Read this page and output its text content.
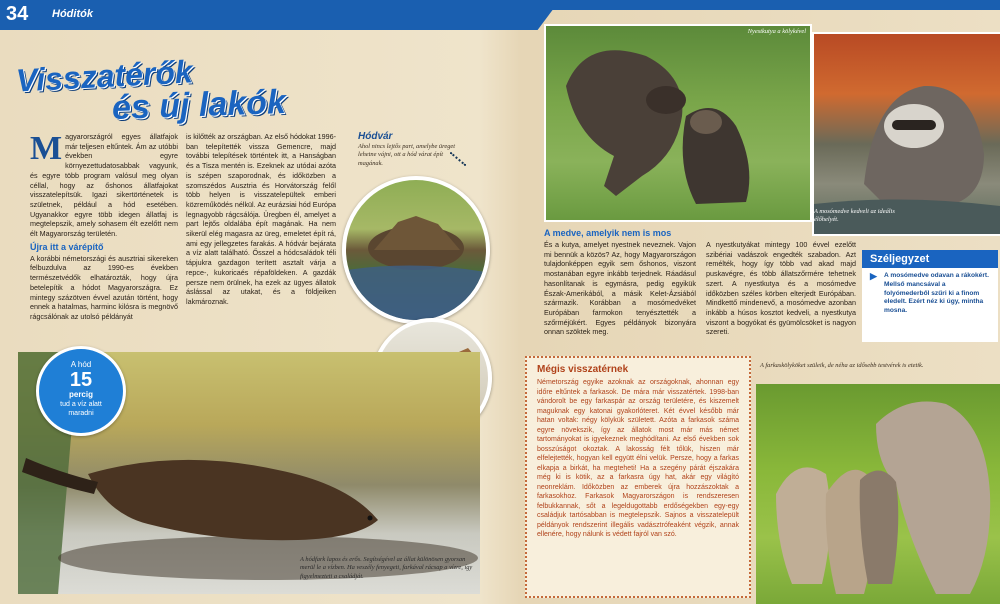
34 Hóditók
Visszatérők
és új lakók

Magyarországról egyes állatfajok már teljesen eltűntek. Ám az utóbbi években egyre környezettudatosabbak vagyunk, és egyre több program valósul meg olyan céllal, hogy az őshonos állatfajokat visszatelepítsük. Igazi sikertörténetek is születnek, például a hód esetében. Ugyanakkor egyre több idegen állatfaj is megtelepszik, amely sohasem élt ezelőtt nem élt Magyarország területén.

Újra itt a várépítő

A korábbi németországi és ausztriai sikereken felbuzdulva az 1990-es években természetvédők elhatározták, hogy újra betelepítik a hódot Magyarországra. Ez mintegy százötven évvel azután történt, hogy ennek a hatalmas, harminc kilósra is megnövő rágcsálónak az utolsó példányát

is kilőtték az országban. Az első hódokat 1996-ban telepítették vissza Gemencre, majd további telepítések történtek itt, a Hanságban és a Tisza mentén is. Ezeknek az utódai azóta is szépen szaporodnak, és időközben a szomszédos Ausztria és Horvátország felől több helyen is visszatelepültek emberi közreműködés nélkül. Az eurázsiai hód Európa legnagyobb rágcsálója. Üregben él, amelyet a part lejtős oldalába épít magának. Ha nem sikerül elég magasra az üreg, emeletet épít rá, ami egy jellegzetes farakás. A hódvár bejárata a víz alatt található. Ősszel a hódcsaládok téli tápjukra gazdagon terített asztalt várja a repce-, kukoricaés répaföldeken. A gazdák persze nem örülnek, ha ezek az ügyes állatok áslással az utakat, és a földjeiken lakmároznak.

Hódvár
Ahol nincs lejtős part, amelybe üreget lehetne vájni, ott a hód várat épít magának.
A hód
15
percig
tud a víz alatt maradni
A hódfark lapos és erős. Segítségével az állat különösen gyorsan merül le a vízben. Ha veszély fenyegeti, farkával rácsap a vízre, így figyelmezteti a családját.
Nyestkutya a kölykével
A mosómedve kedveli az ideális élőhelyét.
A medve, amelyik nem is mos

És a kutya, amelyet nyestnek neveznek. Vajon mi bennük a közös? Az, hogy Magyarországon tulajdonképpen egyik sem őshonos, viszont mostanában egyre inkább terjednek. Ráadásul hasonlítanak is egymásra, pedig egyikük Észak-Amerikából, a másik Kelet-Ázsiából származik. Korábban a mosómedvéket Európában farmokon tenyésztették a szőrméjükért. Egyes példányok bizonyára onnan szöktek meg.

A nyestkutyákat mintegy 100 évvel ezelőtt szibériai vadászok engedték szabadon. Azt remélték, hogy így több vad akad majd puskavégre, és több állatszőrmére tehetnek szert. A nyestkutya és a mosómedve időközben széles körben elterjedt Európában. Mindkettő mindenevő, a mosómedve azonban inkább a húsos kosztot kedveli, a nyestkutya viszont a bogyókat és gyümölcsöket is nagyon szereti.

Széljegyzet
▶ A mosómedve odavan a rákokért. Mellső mancsával a folyómederből szűri ki a finom eledelt. Ezért néz ki úgy, mintha mosna.
Mégis visszatérnek
Németország egyike azoknak az országoknak, ahonnan egy időre eltűntek a farkasok. De mára már visszatértek. 1998-ban vándorolt be egy farkaspár az ország területére, és kiszemelt maguknak egy katonai gyakorlóteret. Két évvel később már hatan voltak: négy kölykük született. Azóta a farkasok száma egyre növekszik, így az állatok most már más német tartományokat is igyekeznek meghódítani. Az első években sok bosszúságot okoztak. A lakosság félt tőlük, hiszen már elfelejtették, hogyan kell együtt élni velük. Persze, hogy a farkas elkapja a birkát, ha megteheti! Ha a szegény párát éjszakára még ki is kötik, az a farkasra úgy hat, akár egy világító neonreklám. Időközben az emberek újra hozzászoktak a farkasokhoz. Farkasok Magyarországon is rendszeresen felbukkannak, sőt a legeldugottabb erdőségekben egy-egy családjuk tartósabban is megtelepszik. Sajnos a visszatelepült példányok rendszerint illegális vadásztrófeaként végzik, annak ellenére, hogy nálunk is védett fajról van szó.
A farkaskölyköket szüleik, de néha az idősebb testvérek is etetik.
